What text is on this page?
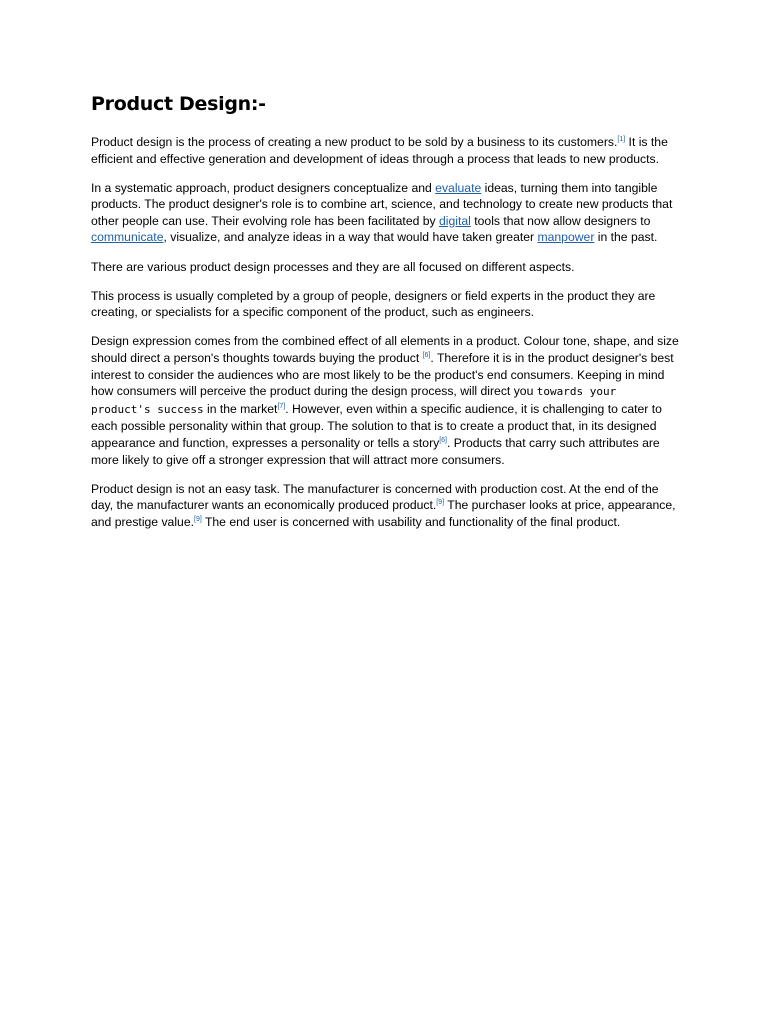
Product Design:-

Product design is the process of creating a new product to be sold by a business to its customers.[1] It is the efficient and effective generation and development of ideas through a process that leads to new products.

In a systematic approach, product designers conceptualize and evaluate ideas, turning them into tangible products. The product designer's role is to combine art, science, and technology to create new products that other people can use. Their evolving role has been facilitated by digital tools that now allow designers to communicate, visualize, and analyze ideas in a way that would have taken greater manpower in the past.

There are various product design processes and they are all focused on different aspects.

This process is usually completed by a group of people, designers or field experts in the product they are creating, or specialists for a specific component of the product, such as engineers.

Design expression comes from the combined effect of all elements in a product. Colour tone, shape, and size should direct a person's thoughts towards buying the product [6]. Therefore it is in the product designer's best interest to consider the audiences who are most likely to be the product's end consumers. Keeping in mind how consumers will perceive the product during the design process, will direct you towards your product's success in the market[7]. However, even within a specific audience, it is challenging to cater to each possible personality within that group. The solution to that is to create a product that, in its designed appearance and function, expresses a personality or tells a story[6]. Products that carry such attributes are more likely to give off a stronger expression that will attract more consumers.

Product design is not an easy task. The manufacturer is concerned with production cost. At the end of the day, the manufacturer wants an economically produced product.[9] The purchaser looks at price, appearance, and prestige value.[9] The end user is concerned with usability and functionality of the final product.
